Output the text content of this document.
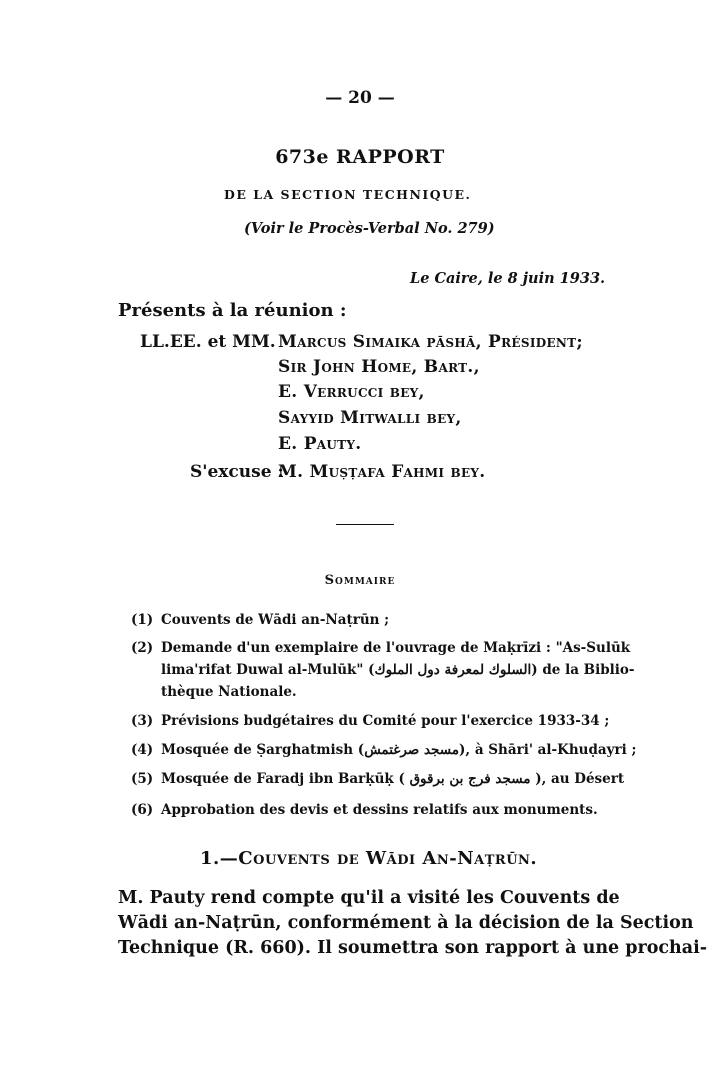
— 20 —
673e RAPPORT
DE LA SECTION TECHNIQUE.
(Voir le Procès-Verbal No. 279)
Le Caire, le 8 juin 1933.
Présents à la réunion :
LL.EE. et MM. Marcus Simaika pāshā, Président;
Sir John Home, Bart.,
E. Verrucci bey,
Sayyid Mitwalli bey,
E. Pauty.
S'excuse :
M. Muṣṭafa Fahmi bey.
Sommaire
(1) Couvents de Wādi an-Naṭrūn ;
(2) Demande d'un exemplaire de l'ouvrage de Maḳrīzi : "As-Sulūk
lima'rifat Duwal al-Mulūk" (السلوك لمعرفة دول الملوك) de la Biblio-
thèque Nationale.
(3) Prévisions budgétaires du Comité pour l'exercice 1933-34 ;
(4) Mosquée de Ṣarghatmish (مسجد صرغتمش), à Shāri' al-Khuḍayri ;
(5) Mosquée de Faradj ibn Barḳūḳ ( مسجد فرج بن برقوق ), au Désert
(6) Approbation des devis et dessins relatifs aux monuments.
1.—Couvents de Wādi An-Naṭrūn.
M. Pauty rend compte qu'il a visité les Couvents de
Wādi an-Naṭrūn, conformément à la décision de la Section
Technique (R. 660). Il soumettra son rapport à une prochai-
